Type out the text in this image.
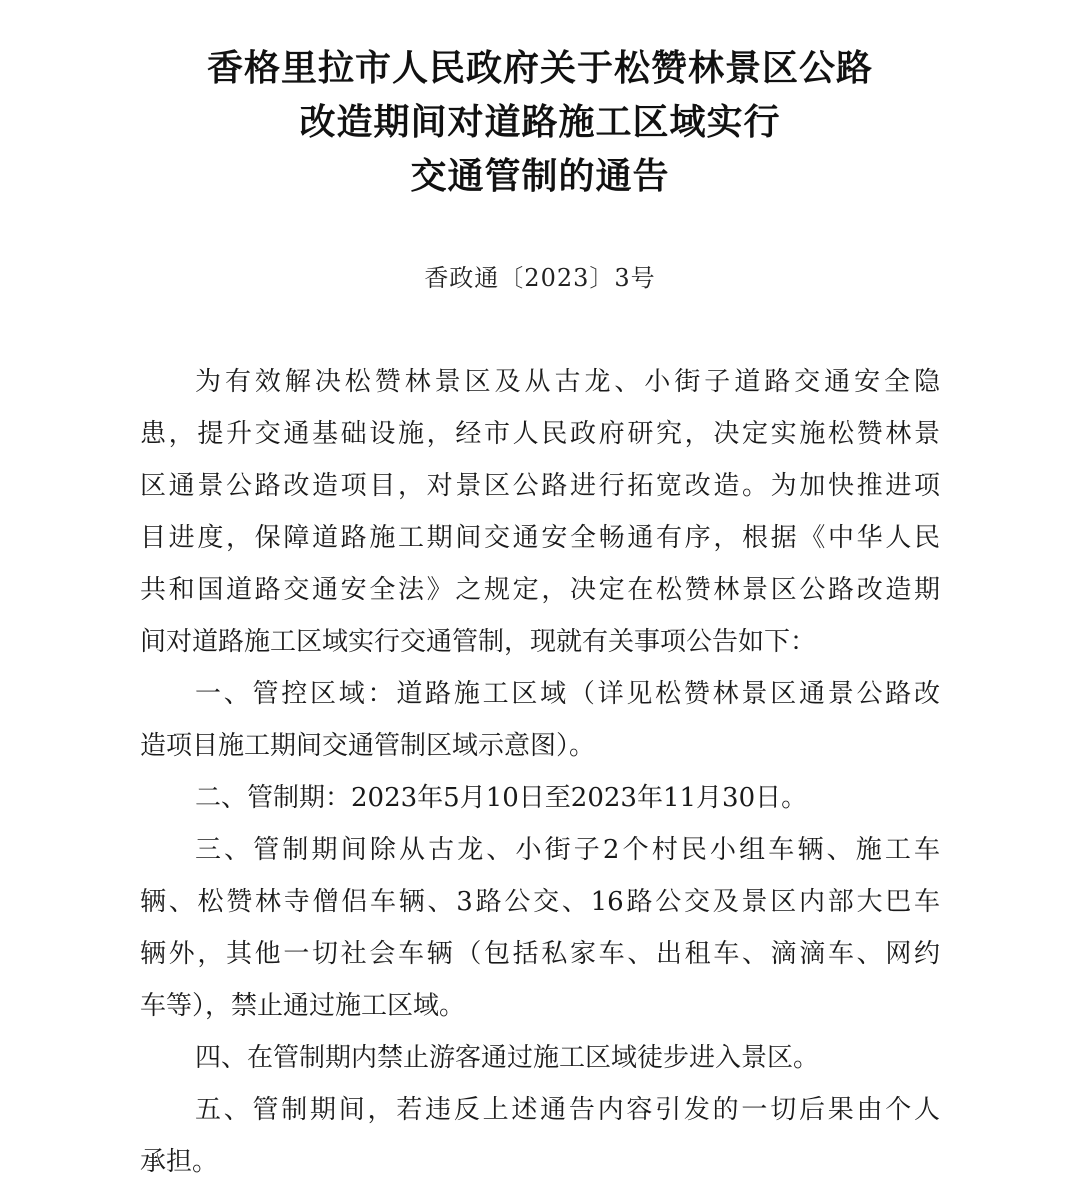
香格里拉市人民政府关于松赞林景区公路
改造期间对道路施工区域实行
交通管制的通告
香政通〔2023〕3号
为有效解决松赞林景区及从古龙、小街子道路交通安全隐
患，提升交通基础设施，经市人民政府研究，决定实施松赞林景
区通景公路改造项目，对景区公路进行拓宽改造。为加快推进项
目进度，保障道路施工期间交通安全畅通有序，根据《中华人民
共和国道路交通安全法》之规定，决定在松赞林景区公路改造期
间对道路施工区域实行交通管制，现就有关事项公告如下：
一、管控区域：道路施工区域（详见松赞林景区通景公路改
造项目施工期间交通管制区域示意图）。
二、管制期：2023年5月10日至2023年11月30日。
三、管制期间除从古龙、小街子2个村民小组车辆、施工车
辆、松赞林寺僧侣车辆、3路公交、16路公交及景区内部大巴车
辆外，其他一切社会车辆（包括私家车、出租车、滴滴车、网约
车等），禁止通过施工区域。
四、在管制期内禁止游客通过施工区域徒步进入景区。
五、管制期间，若违反上述通告内容引发的一切后果由个人
承担。
